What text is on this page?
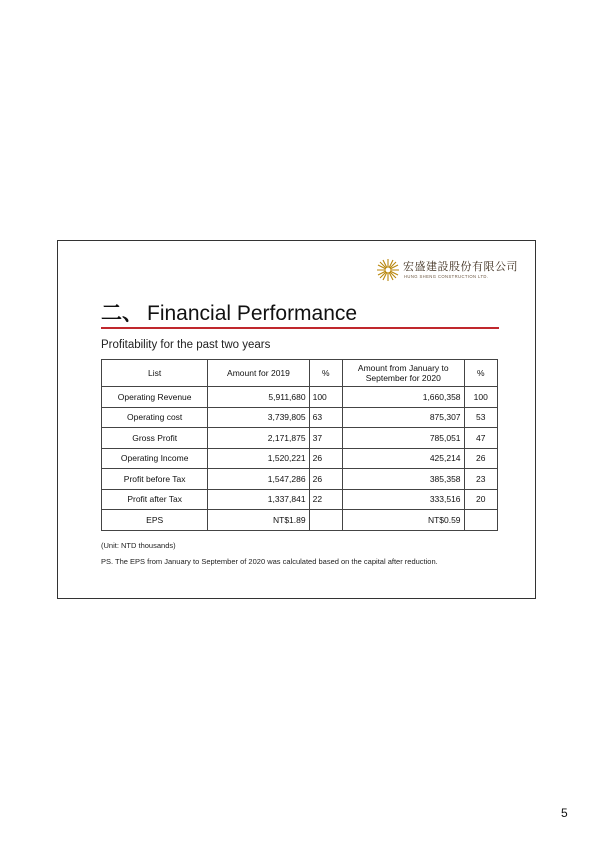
宏盛建設股份有限公司
HUNG SHENG CONSTRUCTION LTD.
二、 Financial Performance
Profitability for the past two years
List	Amount for 2019	%	Amount from January to September for 2020	%
Operating Revenue	5,911,680	100	1,660,358	100
Operating cost	3,739,805	63	875,307	53
Gross Profit	2,171,875	37	785,051	47
Operating Income	1,520,221	26	425,214	26
Profit before Tax	1,547,286	26	385,358	23
Profit after Tax	1,337,841	22	333,516	20
EPS	NT$1.89		NT$0.59	
(Unit: NTD thousands)
PS. The EPS from January to September of 2020 was calculated based on the capital after reduction.
5
